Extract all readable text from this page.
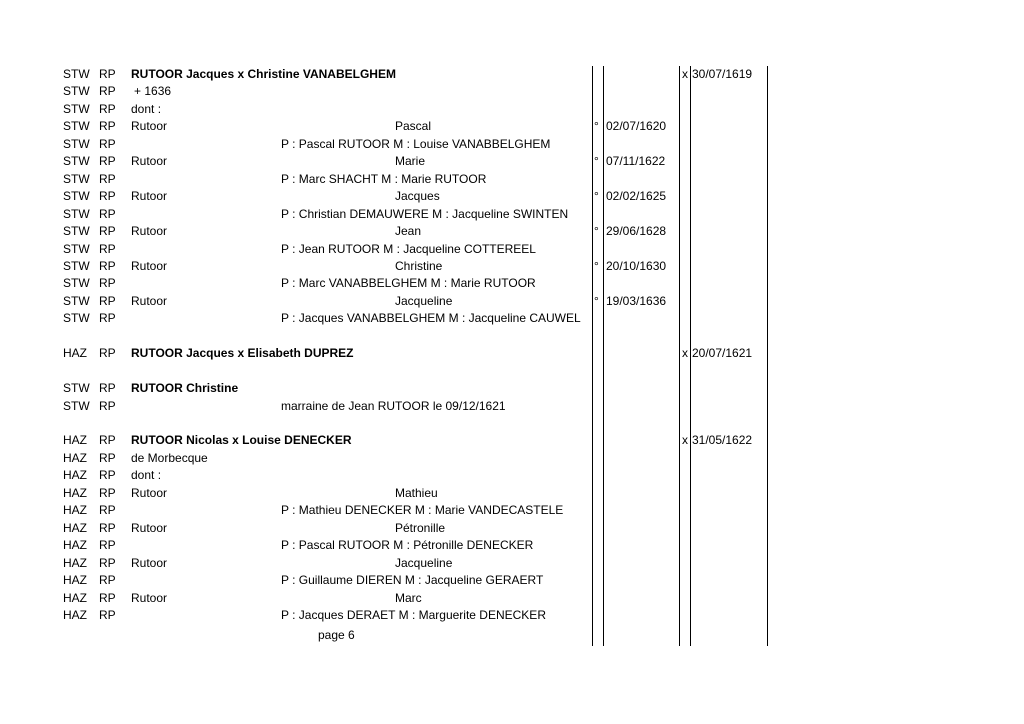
STW RP RUTOOR Jacques x Christine VANABELGHEM	x 30/07/1619
STW RP + 1636
STW RP dont :
STW RP Rutoor	Pascal	° 02/07/1620
STW RP	P : Pascal RUTOOR M : Louise VANABBELGHEM
STW RP Rutoor	Marie	° 07/11/1622
STW RP	P : Marc SHACHT M : Marie RUTOOR
STW RP Rutoor	Jacques	° 02/02/1625
STW RP	P : Christian DEMAUWERE M : Jacqueline SWINTEN
STW RP Rutoor	Jean	° 29/06/1628
STW RP	P : Jean RUTOOR M : Jacqueline COTTEREEL
STW RP Rutoor	Christine	° 20/10/1630
STW RP	P : Marc VANABBELGHEM M : Marie RUTOOR
STW RP Rutoor	Jacqueline	° 19/03/1636
STW RP	P : Jacques VANABBELGHEM M : Jacqueline CAUWEL
HAZ RP RUTOOR Jacques x Elisabeth DUPREZ	x 20/07/1621
STW RP RUTOOR Christine
STW RP	marraine de Jean RUTOOR le 09/12/1621
HAZ RP RUTOOR Nicolas x Louise DENECKER	x 31/05/1622
HAZ RP de Morbecque
HAZ RP dont :
HAZ RP Rutoor	Mathieu
HAZ RP	P : Mathieu DENECKER M : Marie VANDECASTELE
HAZ RP Rutoor	Pétronille
HAZ RP	P : Pascal RUTOOR M : Pétronille DENECKER
HAZ RP Rutoor	Jacqueline
HAZ RP	P : Guillaume DIEREN M : Jacqueline GERAERT
HAZ RP Rutoor	Marc
HAZ RP	P : Jacques DERAET M : Marguerite DENECKER
page 6
